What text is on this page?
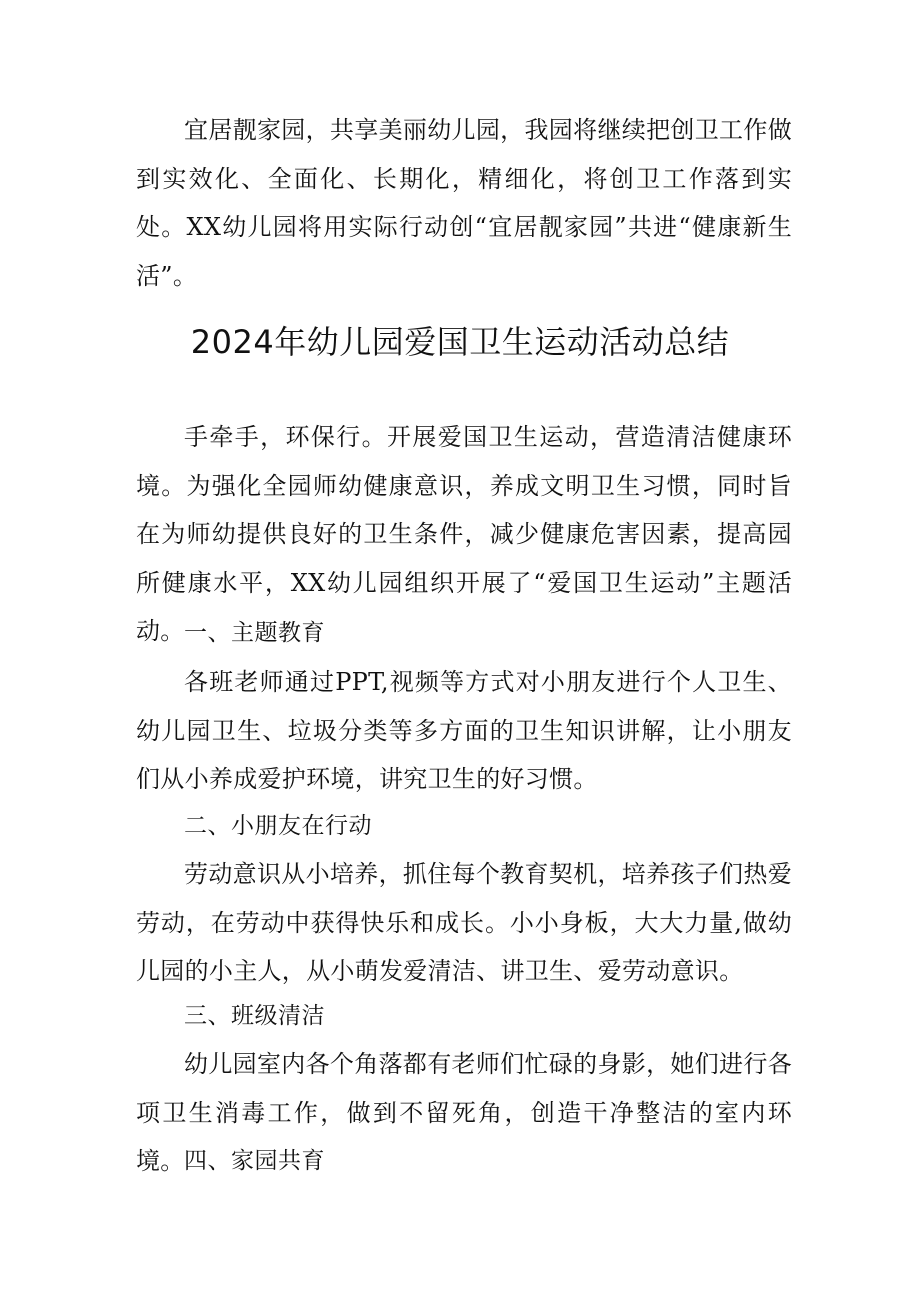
宜居靓家园，共享美丽幼儿园，我园将继续把创卫工作做到实效化、全面化、长期化，精细化，将创卫工作落到实处。XX幼儿园将用实际行动创“宜居靓家园”共进“健康新生活”。

2024年幼儿园爱国卫生运动活动总结

手牵手，环保行。开展爱国卫生运动，营造清洁健康环境。为强化全园师幼健康意识，养成文明卫生习惯，同时旨在为师幼提供良好的卫生条件，减少健康危害因素，提高园所健康水平，XX幼儿园组织开展了“爱国卫生运动”主题活动。 一、主题教育

各班老师通过PPT,视频等方式对小朋友进行个人卫生、幼儿园卫生、垃圾分类等多方面的卫生知识讲解，让小朋友们从小养成爱护环境，讲究卫生的好习惯。

二、小朋友在行动

劳动意识从小培养，抓住每个教育契机，培养孩子们热爱劳动，在劳动中获得快乐和成长。小小身板，大大力量,做幼儿园的小主人，从小萌发爱清洁、讲卫生、爱劳动意识。

三、班级清洁

幼儿园室内各个角落都有老师们忙碌的身影，她们进行各项卫生消毒工作，做到不留死角，创造干净整洁的室内环境。 四、家园共育
